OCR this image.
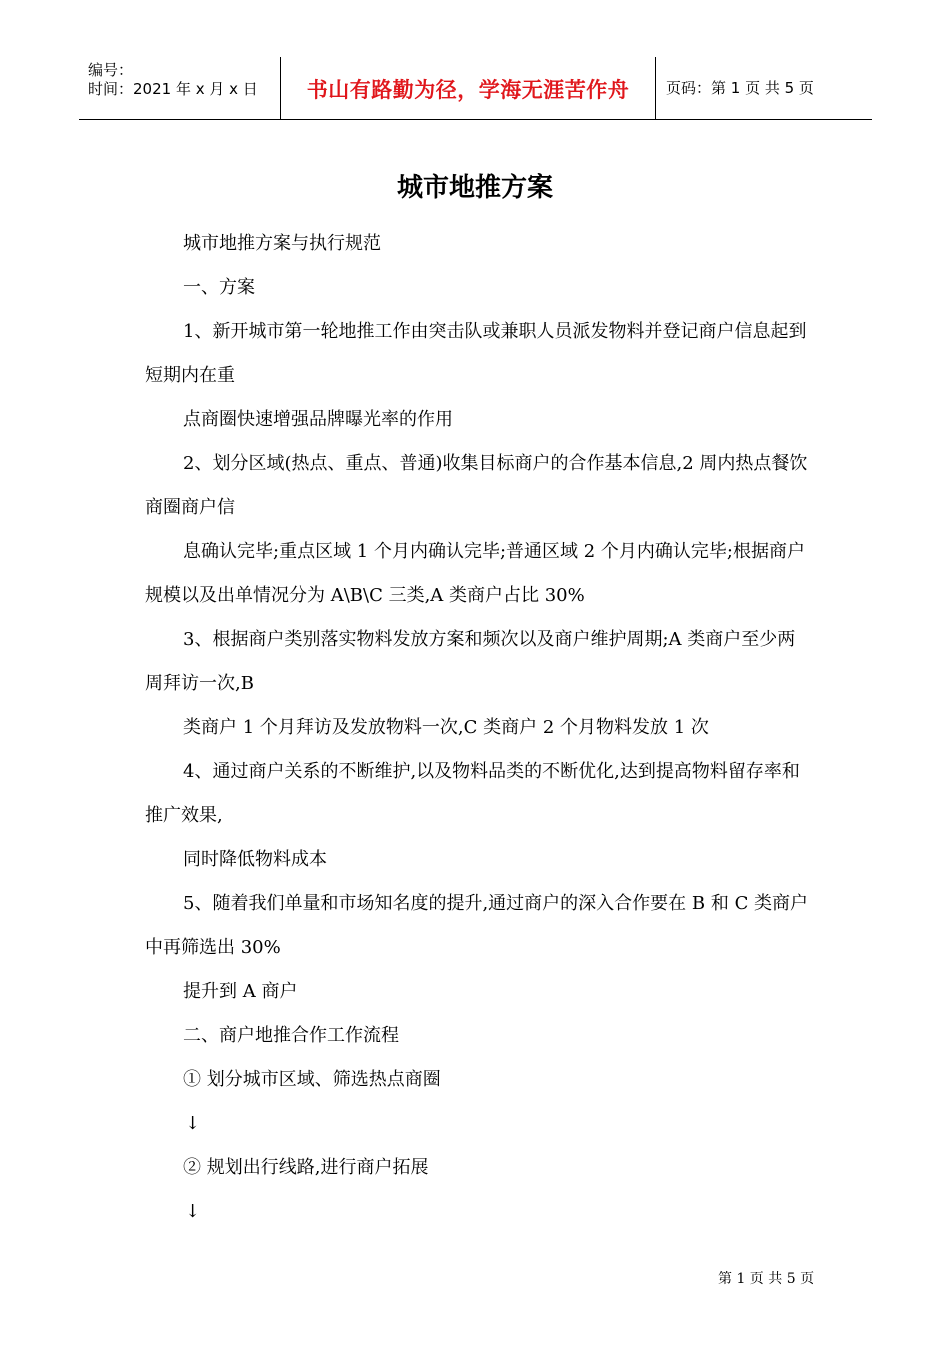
编号：
时间：2021 年 x 月 x 日	书山有路勤为径，学海无涯苦作舟	页码：第 1 页 共 5 页
城市地推方案

城市地推方案与执行规范

一、方案

1、新开城市第一轮地推工作由突击队或兼职人员派发物料并登记商户信息起到短期内在重

点商圈快速增强品牌曝光率的作用

2、划分区域(热点、重点、普通)收集目标商户的合作基本信息,2 周内热点餐饮商圈商户信

息确认完毕;重点区域 1 个月内确认完毕;普通区域 2 个月内确认完毕;根据商户规模以及出单情况分为 A\B\C 三类,A 类商户占比 30%

3、根据商户类别落实物料发放方案和频次以及商户维护周期;A 类商户至少两周拜访一次,B

类商户 1 个月拜访及发放物料一次,C 类商户 2 个月物料发放 1 次

4、通过商户关系的不断维护,以及物料品类的不断优化,达到提高物料留存率和推广效果,

同时降低物料成本

5、随着我们单量和市场知名度的提升,通过商户的深入合作要在 B 和 C 类商户中再筛选出 30%

提升到 A 商户

二、商户地推合作工作流程

① 划分城市区域、筛选热点商圈

↓

② 规划出行线路,进行商户拓展

↓

第 1 页 共 5 页
